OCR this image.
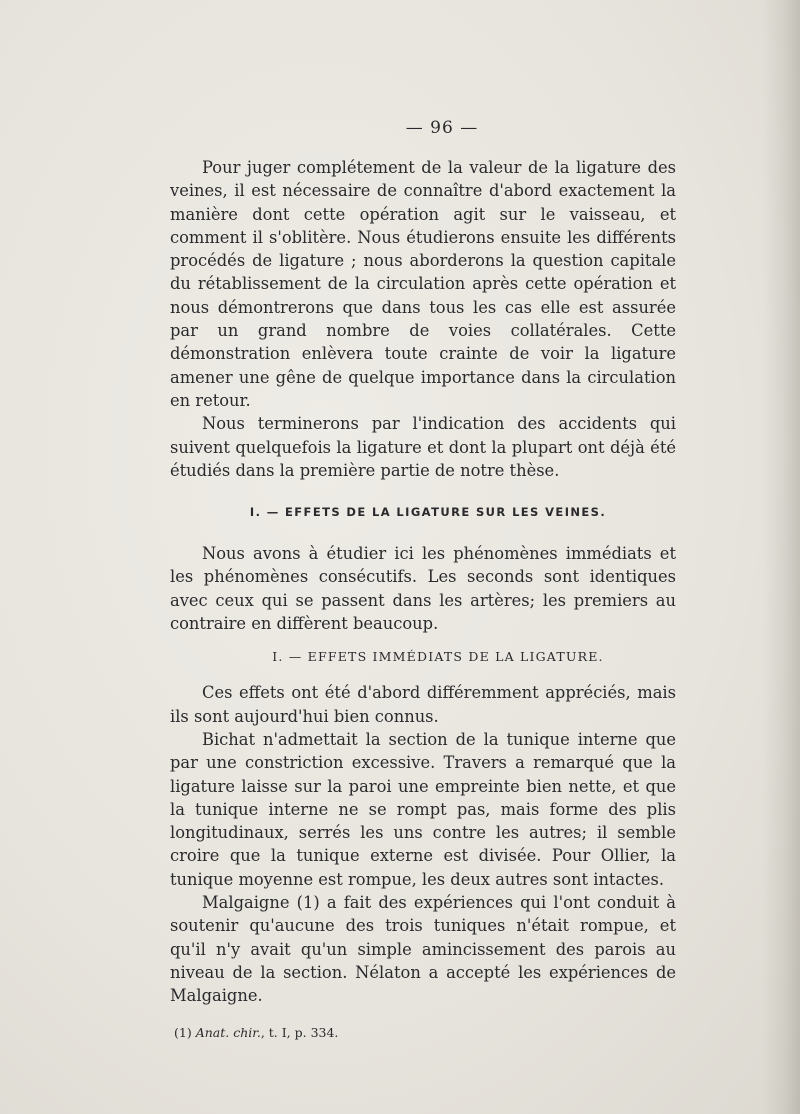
— 96 —

Pour juger complétement de la valeur de la ligature des veines, il est nécessaire de connaître d'abord exactement la manière dont cette opération agit sur le vaisseau, et comment il s'oblitère. Nous étudierons ensuite les différents procédés de ligature ; nous aborderons la question capitale du rétablissement de la circulation après cette opération et nous démontrerons que dans tous les cas elle est assurée par un grand nombre de voies collatérales. Cette démonstration enlèvera toute crainte de voir la ligature amener une gêne de quelque importance dans la circulation en retour.

Nous terminerons par l'indication des accidents qui suivent quelquefois la ligature et dont la plupart ont déjà été étudiés dans la première partie de notre thèse.

I. — EFFETS DE LA LIGATURE SUR LES VEINES.

Nous avons à étudier ici les phénomènes immédiats et les phénomènes consécutifs. Les seconds sont identiques avec ceux qui se passent dans les artères; les premiers au contraire en diffèrent beaucoup.

I. — EFFETS IMMÉDIATS DE LA LIGATURE.

Ces effets ont été d'abord différemment appréciés, mais ils sont aujourd'hui bien connus.

Bichat n'admettait la section de la tunique interne que par une constriction excessive. Travers a remarqué que la ligature laisse sur la paroi une empreinte bien nette, et que la tunique interne ne se rompt pas, mais forme des plis longitudinaux, serrés les uns contre les autres; il semble croire que la tunique externe est divisée. Pour Ollier, la tunique moyenne est rompue, les deux autres sont intactes.

Malgaigne (1) a fait des expériences qui l'ont conduit à soutenir qu'aucune des trois tuniques n'était rompue, et qu'il n'y avait qu'un simple amincissement des parois au niveau de la section. Nélaton a accepté les expériences de Malgaigne.

(1) Anat. chir., t. I, p. 334.
